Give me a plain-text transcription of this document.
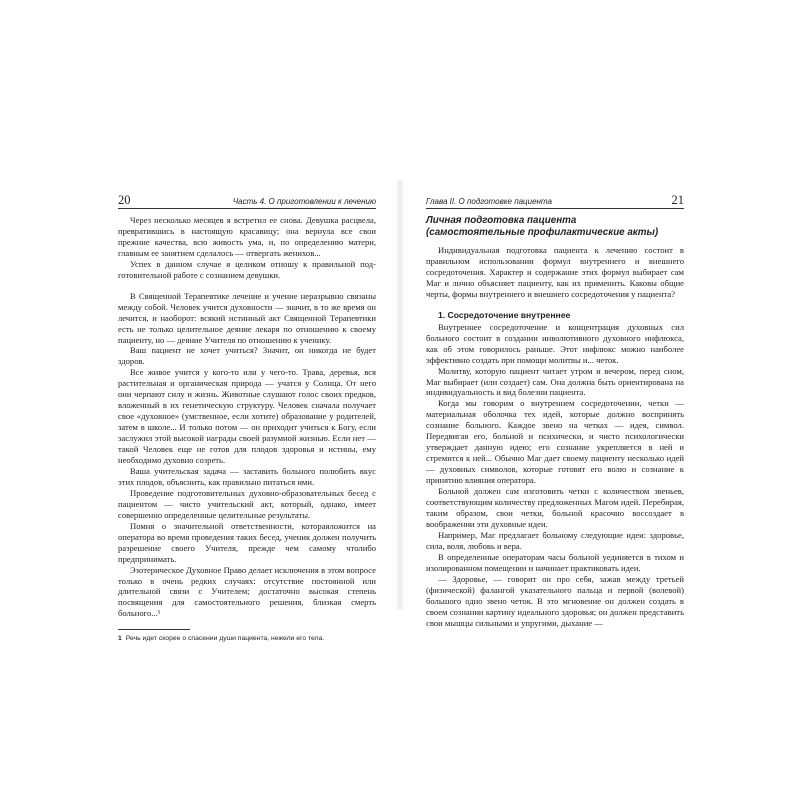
20	Часть 4. О приготовлении к лечению

Через несколько месяцев я встретил ее снова. Девушка расцвела, превратившись в настоящую красавицу; она вернула все свои прежние качества, всю живость ума, и, по определению матери, главным ее занятием сделалось — отвергать женихов...

Успех в данном случае я целиком отношу к правильной подготовительной работе с сознанием девушки.

В Священной Терапевтике лечение и учение неразрывно связаны между собой. Человек учится духовности — значит, в то же время он лечится, и наоборот: всякий истинный акт Священной Терапевтики есть не только целительное деяние лекаря по отношению к своему пациенту, но — деяние Учителя по отношению к ученику.

Ваш пациент не хочет учиться? Значит, он никогда не будет здоров.

Все живое учится у кого-то или у чего-то. Трава, деревья, вся растительная и органическая природа — учатся у Солнца. От него они черпают силу и жизнь. Животные слушают голос своих предков, вложенный в их генетическую структуру. Человек сначала получает свое «духовное» (умственное, если хотите) образование у родителей, затем в школе... И только потом — он приходит учиться к Богу, если заслужил этой высокой награды своей разумной жизнью. Если нет — такой Человек еще не готов для плодов здоровья и истины, ему необходимо духовно созреть.

Ваша учительская задача — заставить больного полюбить вкус этих плодов, объяснить, как правильно питаться ими.

Проведение подготовительных духовно-образовательных бесед с пациентом — чисто учительский акт, который, однако, имеет совершенно определенные целительные результаты.

Помня о значительной ответственности, котораяложится на оператора во время проведения таких бесед, ученик должен получить разрешение своего Учителя, прежде чем самому чтолибо предпринимать.

Эзотерическое Духовное Право делает исключения в этом вопросе только в очень редких случаях: отсутствие постоянной или длительной связи с Учителем; достаточно высокая степень посвящения для самостоятельного решения, близкая смерть больного...¹

1 Речь идет скорее о спасении души пациента, нежели его тела.
Глава II. О подготовке пациента	21
Личная подготовка пациента
(самостоятельные профилактические акты)

Индивидуальная подготовка пациента к лечению состоит в правильном использовании формул внутреннего и внешнего сосредоточения. Характер и содержание этих формул выбирает сам Маг и лично объясняет пациенту, как их применить. Каковы общие черты, формы внутреннего и внешнего сосредоточения у пациента?

1. Сосредоточение внутреннее

Внутреннее сосредоточение и концентрация духовных сил больного состоит в создании инволютивного духовного инфлюкса, как об этом говорилось раньше. Этот инфлюкс можно наиболее эффективно создать при помощи молитвы и... четок.

Молитву, которую пациент читает утром и вечером, перед сном, Маг выбирает (или создает) сам. Она должна быть ориентирована на индивидуальность и вид болезни пациента.

Когда мы говорим о внутреннем сосредоточении, четки — материальная оболочка тех идей, которые должно воспринять сознание больного. Каждое звено на четках — идея, символ. Передвигая его, больной и психически, и чисто психологически утверждает данную идею; его сознание укрепляется в ней и стремится к ней... Обычно Маг дает своему пациенту несколько идей — духовных символов, которые готовят его волю и сознание к принятию влияния оператора.

Больной должен сам изготовить четки с количеством звеньев, соответствующим количеству предложенных Магом идей. Перебирая, таким образом, свои четки, больной красочно воссоздает в воображении эти духовные идеи.

Например, Маг предлагает больному следующие идеи: здоровье, сила, воля, любовь и вера.

В определенные операторам часы больной уединяется в тихом и изолированном помещении и начинает практиковать идеи.

— Здоровье, — говорит он про себя, зажав между третьей (физической) фалангой указательного пальца и первой (волевой) большого одно звено четок. В это мгновение он должен создать в своем сознании картину идеального здоровья; он должен представить свои мышцы сильными и упругими, дыхание —
